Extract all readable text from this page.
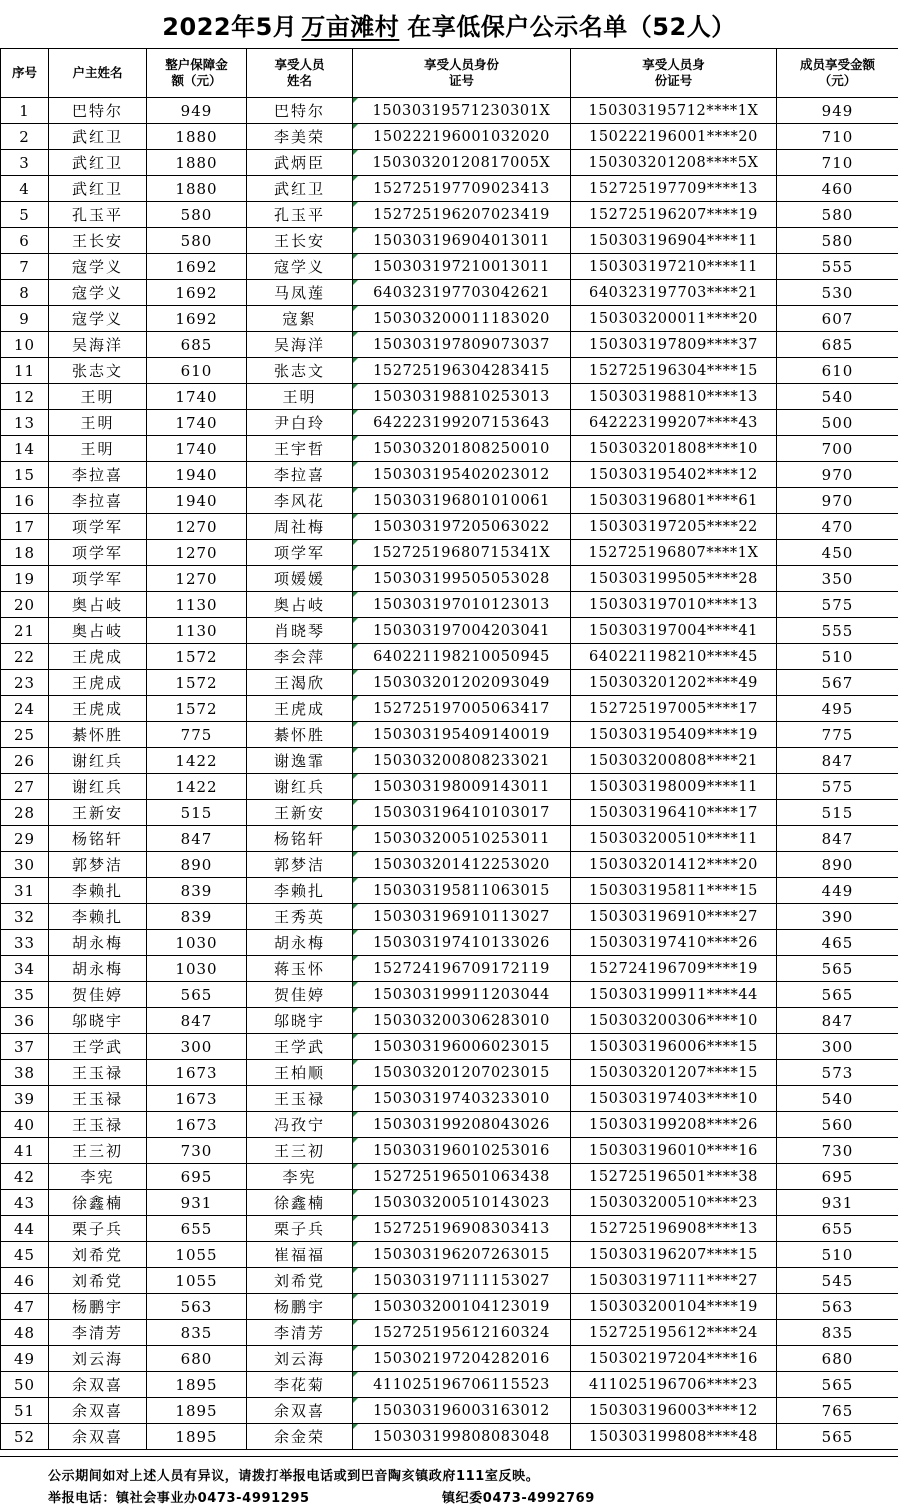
2022年5月 万亩滩村 在享低保户公示名单（52人）
序号	户主姓名	整户保障金额（元）	享受人员姓名	享受人员身份证号	享受人员身份证号	成员享受金额（元）
1	巴特尔	949	巴特尔	15030319571230301X	150303195712****1X	949
2	武红卫	1880	李美荣	150222196001032020	150222196001****20	710
3	武红卫	1880	武炳臣	15030320120817005X	150303201208****5X	710
4	武红卫	1880	武红卫	152725197709023413	152725197709****13	460
5	孔玉平	580	孔玉平	152725196207023419	152725196207****19	580
6	王长安	580	王长安	150303196904013011	150303196904****11	580
7	寇学义	1692	寇学义	150303197210013011	150303197210****11	555
8	寇学义	1692	马凤莲	640323197703042621	640323197703****21	530
9	寇学义	1692	寇絮	150303200011183020	150303200011****20	607
10	吴海洋	685	吴海洋	150303197809073037	150303197809****37	685
11	张志文	610	张志文	152725196304283415	152725196304****15	610
12	王明	1740	王明	150303198810253013	150303198810****13	540
13	王明	1740	尹白玲	642223199207153643	642223199207****43	500
14	王明	1740	王宇哲	150303201808250010	150303201808****10	700
15	李拉喜	1940	李拉喜	150303195402023012	150303195402****12	970
16	李拉喜	1940	李风花	150303196801010061	150303196801****61	970
17	项学军	1270	周社梅	150303197205063022	150303197205****22	470
18	项学军	1270	项学军	15272519680715341X	152725196807****1X	450
19	项学军	1270	项媛媛	150303199505053028	150303199505****28	350
20	奥占岐	1130	奥占岐	150303197010123013	150303197010****13	575
21	奥占岐	1130	肖晓琴	150303197004203041	150303197004****41	555
22	王虎成	1572	李会萍	640221198210050945	640221198210****45	510
23	王虎成	1572	王渴欣	150303201202093049	150303201202****49	567
24	王虎成	1572	王虎成	152725197005063417	152725197005****17	495
25	綦怀胜	775	綦怀胜	150303195409140019	150303195409****19	775
26	谢红兵	1422	谢逸霏	150303200808233021	150303200808****21	847
27	谢红兵	1422	谢红兵	150303198009143011	150303198009****11	575
28	王新安	515	王新安	150303196410103017	150303196410****17	515
29	杨铭轩	847	杨铭轩	150303200510253011	150303200510****11	847
30	郭梦洁	890	郭梦洁	150303201412253020	150303201412****20	890
31	李赖扎	839	李赖扎	150303195811063015	150303195811****15	449
32	李赖扎	839	王秀英	150303196910113027	150303196910****27	390
33	胡永梅	1030	胡永梅	150303197410133026	150303197410****26	465
34	胡永梅	1030	蒋玉怀	152724196709172119	152724196709****19	565
35	贺佳婷	565	贺佳婷	150303199911203044	150303199911****44	565
36	邬晓宇	847	邬晓宇	150303200306283010	150303200306****10	847
37	王学武	300	王学武	150303196006023015	150303196006****15	300
38	王玉禄	1673	王柏顺	150303201207023015	150303201207****15	573
39	王玉禄	1673	王玉禄	150303197403233010	150303197403****10	540
40	王玉禄	1673	冯孜宁	150303199208043026	150303199208****26	560
41	王三初	730	王三初	150303196010253016	150303196010****16	730
42	李宪	695	李宪	152725196501063438	152725196501****38	695
43	徐鑫楠	931	徐鑫楠	150303200510143023	150303200510****23	931
44	栗子兵	655	栗子兵	152725196908303413	152725196908****13	655
45	刘希党	1055	崔福福	150303196207263015	150303196207****15	510
46	刘希党	1055	刘希党	150303197111153027	150303197111****27	545
47	杨鹏宇	563	杨鹏宇	150303200104123019	150303200104****19	563
48	李清芳	835	李清芳	152725195612160324	152725195612****24	835
49	刘云海	680	刘云海	150302197204282016	150302197204****16	680
50	余双喜	1895	李花菊	411025196706115523	411025196706****23	565
51	余双喜	1895	余双喜	150303196003163012	150303196003****12	765
52	余双喜	1895	余金荣	150303199808083048	150303199808****48	565
公示期间如对上述人员有异议，请拨打举报电话或到巴音陶亥镇政府111室反映。
举报电话：镇社会事业办0473-4991295	镇纪委0473-4992769
